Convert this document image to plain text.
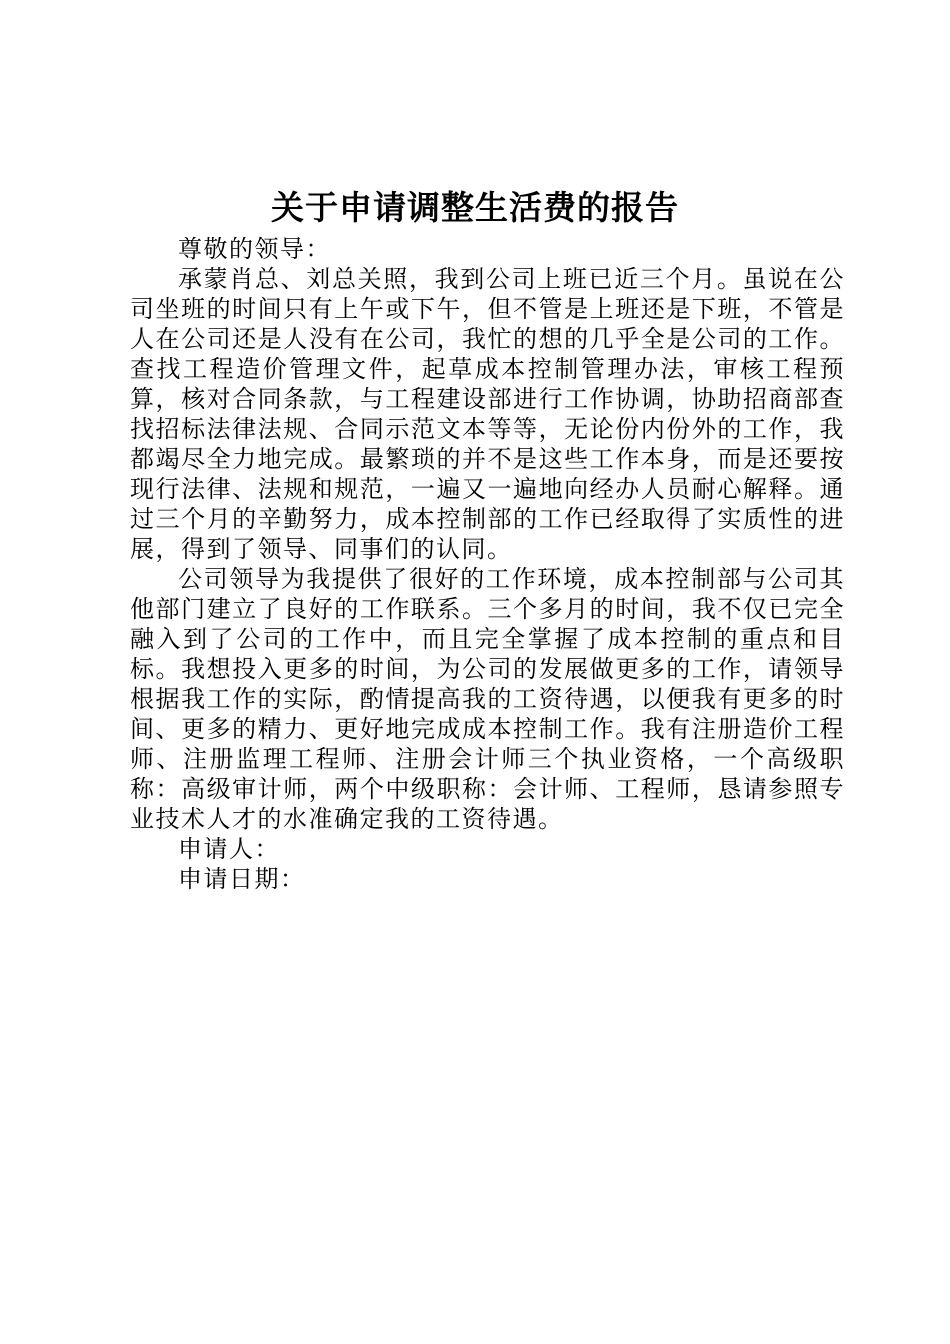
关于申请调整生活费的报告

尊敬的领导：

承蒙肖总、刘总关照，我到公司上班已近三个月。虽说在公司坐班的时间只有上午或下午，但不管是上班还是下班，不管是人在公司还是人没有在公司，我忙的想的几乎全是公司的工作。查找工程造价管理文件，起草成本控制管理办法，审核工程预算，核对合同条款，与工程建设部进行工作协调，协助招商部查找招标法律法规、合同示范文本等等，无论份内份外的工作，我都竭尽全力地完成。最繁琐的并不是这些工作本身，而是还要按现行法律、法规和规范，一遍又一遍地向经办人员耐心解释。通过三个月的辛勤努力，成本控制部的工作已经取得了实质性的进展，得到了领导、同事们的认同。

公司领导为我提供了很好的工作环境，成本控制部与公司其他部门建立了良好的工作联系。三个多月的时间，我不仅已完全融入到了公司的工作中，而且完全掌握了成本控制的重点和目标。我想投入更多的时间，为公司的发展做更多的工作，请领导根据我工作的实际，酌情提高我的工资待遇，以便我有更多的时间、更多的精力、更好地完成成本控制工作。我有注册造价工程师、注册监理工程师、注册会计师三个执业资格，一个高级职称：高级审计师，两个中级职称：会计师、工程师，恳请参照专业技术人才的水准确定我的工资待遇。

申请人：

申请日期：
